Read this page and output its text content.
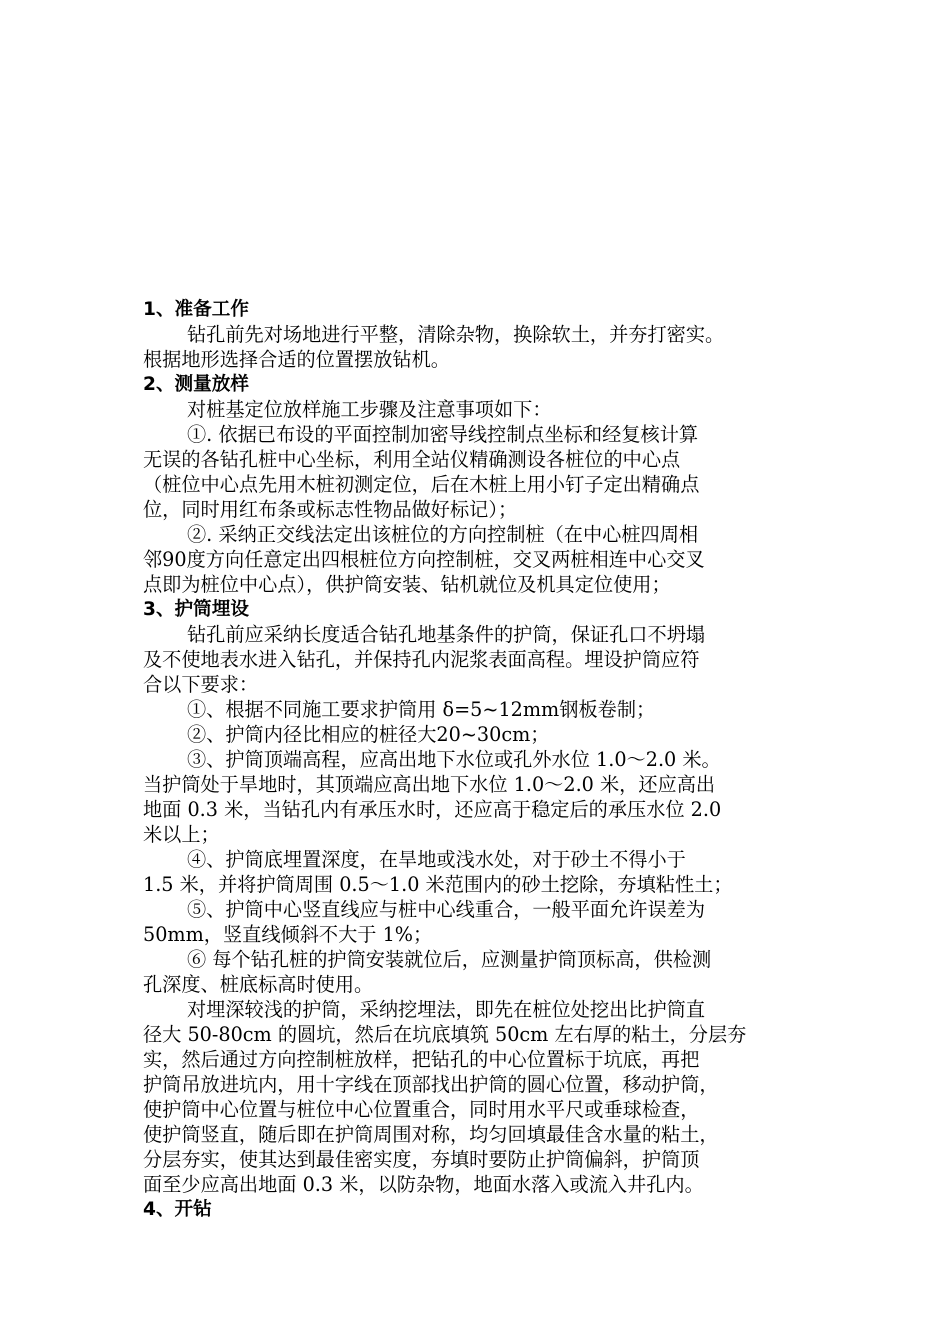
1、准备工作
钻孔前先对场地进行平整，清除杂物，换除软土，并夯打密实。
根据地形选择合适的位置摆放钻机。
2、测量放样
对桩基定位放样施工步骤及注意事项如下：
①. 依据已布设的平面控制加密导线控制点坐标和经复核计算
无误的各钻孔桩中心坐标，利用全站仪精确测设各桩位的中心点
（桩位中心点先用木桩初测定位，后在木桩上用小钉子定出精确点
位，同时用红布条或标志性物品做好标记）；
②. 采纳正交线法定出该桩位的方向控制桩（在中心桩四周相
邻90度方向任意定出四根桩位方向控制桩，交叉两桩相连中心交叉
点即为桩位中心点），供护筒安装、钻机就位及机具定位使用；
3、护筒埋设
钻孔前应采纳长度适合钻孔地基条件的护筒，保证孔口不坍塌
及不使地表水进入钻孔，并保持孔内泥浆表面高程。埋设护筒应符
合以下要求：
①、根据不同施工要求护筒用 δ=5~12mm钢板卷制；
②、护筒内径比相应的桩径大20~30cm；
③、护筒顶端高程，应高出地下水位或孔外水位 1.0～2.0 米。
当护筒处于旱地时，其顶端应高出地下水位 1.0～2.0 米，还应高出
地面 0.3 米，当钻孔内有承压水时，还应高于稳定后的承压水位 2.0
米以上；
④、护筒底埋置深度，在旱地或浅水处，对于砂土不得小于
1.5 米，并将护筒周围 0.5～1.0 米范围内的砂土挖除，夯填粘性土；
⑤、护筒中心竖直线应与桩中心线重合，一般平面允许误差为
50mm，竖直线倾斜不大于 1%；
⑥ 每个钻孔桩的护筒安装就位后，应测量护筒顶标高，供检测
孔深度、桩底标高时使用。
对埋深较浅的护筒，采纳挖埋法，即先在桩位处挖出比护筒直
径大 50-80cm 的圆坑，然后在坑底填筑 50cm 左右厚的粘土，分层夯
实，然后通过方向控制桩放样，把钻孔的中心位置标于坑底，再把
护筒吊放进坑内，用十字线在顶部找出护筒的圆心位置，移动护筒，
使护筒中心位置与桩位中心位置重合，同时用水平尺或垂球检查，
使护筒竖直，随后即在护筒周围对称，均匀回填最佳含水量的粘土，
分层夯实，使其达到最佳密实度，夯填时要防止护筒偏斜，护筒顶
面至少应高出地面 0.3 米，以防杂物，地面水落入或流入井孔内。
4、开钻
